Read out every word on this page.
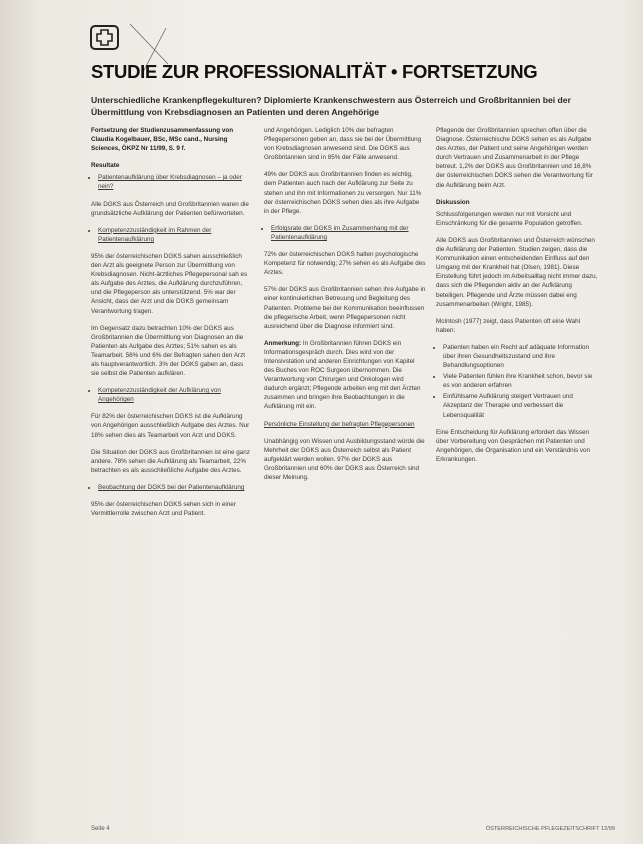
STUDIE ZUR PROFESSIONALITÄT • FORTSETZUNG

Unterschiedliche Krankenpflegekulturen? Diplomierte Krankenschwestern aus Österreich und Großbritannien bei der Übermittlung von Krebsdiagnosen an Patienten und deren Angehörige

Fortsetzung der Studienzusammenfassung von Claudia Kogelbauer, BSc, MSc cand., Nursing Sciences, ÖKPZ Nr 11/99, S. 9 f.

Resultate

• Patientenaufklärung über Krebsdiagnosen – ja oder nein?

Alle DGKS aus Österreich und Großbritannien waren die grundsätzliche Aufklärung der Patienten befürworteten.

• Kompetenzzuständigkeit im Rahmen der Patientenaufklärung

95% der österreichischen DGKS sahen ausschließlich den Arzt als geeignete Person zur Übermittlung von Krebsdiagnosen. Nicht-ärztliches Pflegepersonal sah es als Aufgabe des Arztes, die Aufklärung durchzuführen, und die Pflegeperson als unterstützend. 5% war der Ansicht, dass der Arzt und die DGKS gemeinsam Verantwortung tragen.

Im Gegensatz dazu betrachten 10% der DGKS aus Großbritannien die Übermittlung von Diagnosen an die Patienten als Aufgabe des Arztes; 51% sahen es als Teamarbeit. 56% und 6% der Befragten sahen den Arzt als hauptverantwortlich. 3% der DGKS gaben an, dass sie selbst die Patienten aufklären.

• Kompetenzzuständigkeit der Aufklärung von Angehörigen

Für 82% der österreichischen DGKS ist die Aufklärung von Angehörigen ausschließlich Aufgabe des Arztes. Nur 18% sehen dies als Teamarbeit von Arzt und DGKS.

Die Situation der DGKS aus Großbritannien ist eine ganz andere. 78% sehen die Aufklärung als Teamarbeit, 22% betrachten es als ausschließliche Aufgabe des Arztes.

• Beobachtung der DGKS bei der Patientenaufklärung

95% der österreichischen DGKS sehen sich in einer Vermittlerrolle zwischen Arzt und Patient.

und Angehörigen. Lediglich 10% der befragten Pflegepersonen geben an, dass sie bei der Übermittlung von Krebsdiagnosen anwesend sind. Die DGKS aus Großbritannien sind in 85% der Fälle anwesend.

49% der DGKS aus Großbritannien finden es wichtig, dem Patienten auch nach der Aufklärung zur Seite zu stehen und ihn mit Informationen zu versorgen. Nur 11% der österreichischen DGKS sehen dies als ihre Aufgabe in der Pflege.

• Erfolgsrate der DGKS im Zusammenhang mit der Patientenaufklärung

72% der österreichischen DGKS halten psychologische Kompetenz für notwendig; 27% sehen es als Aufgabe des Arztes.

57% der DGKS aus Großbritannien sehen ihre Aufgabe in einer kontinuierlichen Betreuung und Begleitung des Patienten. Probleme bei der Kommunikation beeinflussen die pflegerische Arbeit, wenn Pflegepersonen nicht ausreichend über die Diagnose informiert sind.

Anmerkung: In Großbritannien führen DGKS ein Informationsgespräch durch. Dies wird von der Intensivstation und anderen Einrichtungen von Kapitel des Buches von ROC Surgeon übernommen. Die Verantwortung von Chirurgen und Onkologen wird dadurch ergänzt; Pflegende arbeiten eng mit den Ärzten zusammen und bringen ihre Beobachtungen in die Aufklärung mit ein.

Persönliche Einstellung der befragten Pflegepersonen

Unabhängig von Wissen und Ausbildungsstand würde die Mehrheit der DGKS aus Österreich selbst als Patient aufgeklärt werden wollen. 97% der DGKS aus Großbritannien und 60% der DGKS aus Österreich sind dieser Meinung.

Pflegende der Großbritannien sprechen offen über die Diagnose. Österreichische DGKS sehen es als Aufgabe des Arztes, der Patient und seine Angehörigen werden durch Vertrauen und Zusammenarbeit in der Pflege betreut. 1,2% der DGKS aus Großbritannien und 16,8% der österreichischen DGKS sehen die Verantwortung für die Aufklärung beim Arzt.

Diskussion

Schlussfolgerungen werden nur mit Vorsicht und Einschränkung für die gesamte Population getroffen.

Alle DGKS aus Großbritannien und Österreich wünschen die Aufklärung der Patienten. Studien zeigen, dass die Kommunikation einen entscheidenden Einfluss auf den Umgang mit der Krankheit hat (Olsen, 1981). Diese Einstellung führt jedoch im Arbeitsalltag nicht immer dazu, dass sich die Pflegenden aktiv an der Aufklärung beteiligen. Pflegende und Ärzte müssen dabei eng zusammenarbeiten (Wright, 1985).

McIntosh (1977) zeigt, dass Patienten oft eine Wahl haben:

• Patienten haben ein Recht auf adäquate Information über ihren Gesundheitszustand und ihre Behandlungsoptionen
• Viele Patienten fühlen ihre Krankheit schon, bevor sie es von anderen erfahren
• Einfühlsame Aufklärung steigert Vertrauen und Akzeptanz der Therapie und verbessert die Lebensqualität

Eine Entscheidung für Aufklärung erfordert das Wissen über Vorbereitung von Gesprächen mit Patienten und Angehörigen, die Organisation und ein Verständnis von Erkrankungen.

Seite 4	ÖSTERREICHISCHE PFLEGEZEITSCHRIFT 12/99
